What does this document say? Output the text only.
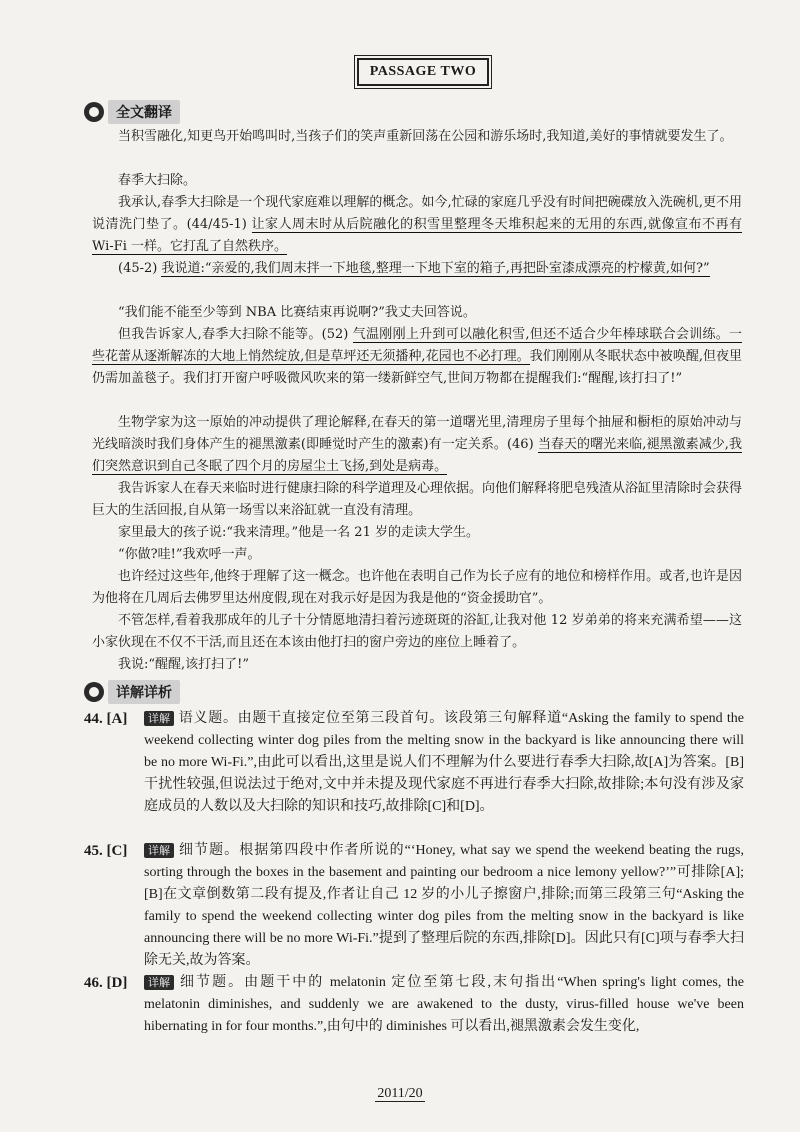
PASSAGE TWO
全文翻译

当积雪融化,知更鸟开始鸣叫时,当孩子们的笑声重新回荡在公园和游乐场时,我知道,美好的事情就要发生了。

春季大扫除。

我承认,春季大扫除是一个现代家庭难以理解的概念。如今,忙碌的家庭几乎没有时间把碗碟放入洗碗机,更不用说清洗门垫了。(44/45-1) 让家人周末时从后院融化的积雪里整理冬天堆积起来的无用的东西,就像宣布不再有 Wi-Fi 一样。它打乱了自然秩序。

(45-2) 我说道:“亲爱的,我们周末拌一下地毯,整理一下地下室的箱子,再把卧室漆成漂亮的柠檬黄,如何?”

“我们能不能至少等到 NBA 比赛结束再说啊?”我丈夫回答说。

但我告诉家人,春季大扫除不能等。(52) 气温刚刚上升到可以融化积雪,但还不适合少年棒球联合会训练。一些花蕾从逐渐解冻的大地上悄然绽放,但是草坪还无须播种,花园也不必打理。我们刚刚从冬眠状态中被唤醒,但夜里仍需加盖毯子。我们打开窗户呼吸微风吹来的第一缕新鲜空气,世间万物都在提醒我们:“醒醒,该打扫了!”

生物学家为这一原始的冲动提供了理论解释,在春天的第一道曙光里,清理房子里每个抽屉和橱柜的原始冲动与光线暗淡时我们身体产生的褪黑激素(即睡觉时产生的激素)有一定关系。(46) 当春天的曙光来临,褪黑激素减少,我们突然意识到自己冬眠了四个月的房屋尘土飞扬,到处是病毒。

我告诉家人在春天来临时进行健康扫除的科学道理及心理依据。向他们解释将肥皂残渣从浴缸里清除时会获得巨大的生活回报,自从第一场雪以来浴缸就一直没有清理。

家里最大的孩子说:“我来清理。”他是一名 21 岁的走读大学生。

“你做?哇!”我欢呼一声。

也许经过这些年,他终于理解了这一概念。也许他在表明自己作为长子应有的地位和榜样作用。或者,也许是因为他将在几周后去佛罗里达州度假,现在对我示好是因为我是他的“资金援助官”。

不管怎样,看着我那成年的儿子十分情愿地清扫着污迹斑斑的浴缸,让我对他 12 岁弟弟的将来充满希望——这小家伙现在不仅不干活,而且还在本该由他打扫的窗户旁边的座位上睡着了。

我说:“醒醒,该打扫了!”

详解详析
44. [A]	详解 语义题。由题干直接定位至第三段首句。该段第三句解释道“Asking the family to spend the weekend collecting winter dog piles from the melting snow in the backyard is like announcing there will be no more Wi-Fi.”,由此可以看出,这里是说人们不理解为什么要进行春季大扫除,故[A]为答案。[B]干扰性较强,但说法过于绝对,文中并未提及现代家庭不再进行春季大扫除,故排除;本句没有涉及家庭成员的人数以及大扫除的知识和技巧,故排除[C]和[D]。
45. [C]	详解 细节题。根据第四段中作者所说的“‘Honey, what say we spend the weekend beating the rugs, sorting through the boxes in the basement and painting our bedroom a nice lemony yellow?’”可排除[A];[B]在文章倒数第二段有提及,作者让自己 12 岁的小儿子擦窗户,排除;而第三段第三句“Asking the family to spend the weekend collecting winter dog piles from the melting snow in the backyard is like announcing there will be no more Wi-Fi.”提到了整理后院的东西,排除[D]。因此只有[C]项与春季大扫除无关,故为答案。
46. [D]	详解 细节题。由题干中的 melatonin 定位至第七段,末句指出“When spring's light comes, the melatonin diminishes, and suddenly we are awakened to the dusty, virus-filled house we've been hibernating in for four months.”,由句中的 diminishes 可以看出,褪黑激素会发生变化,
2011/20
